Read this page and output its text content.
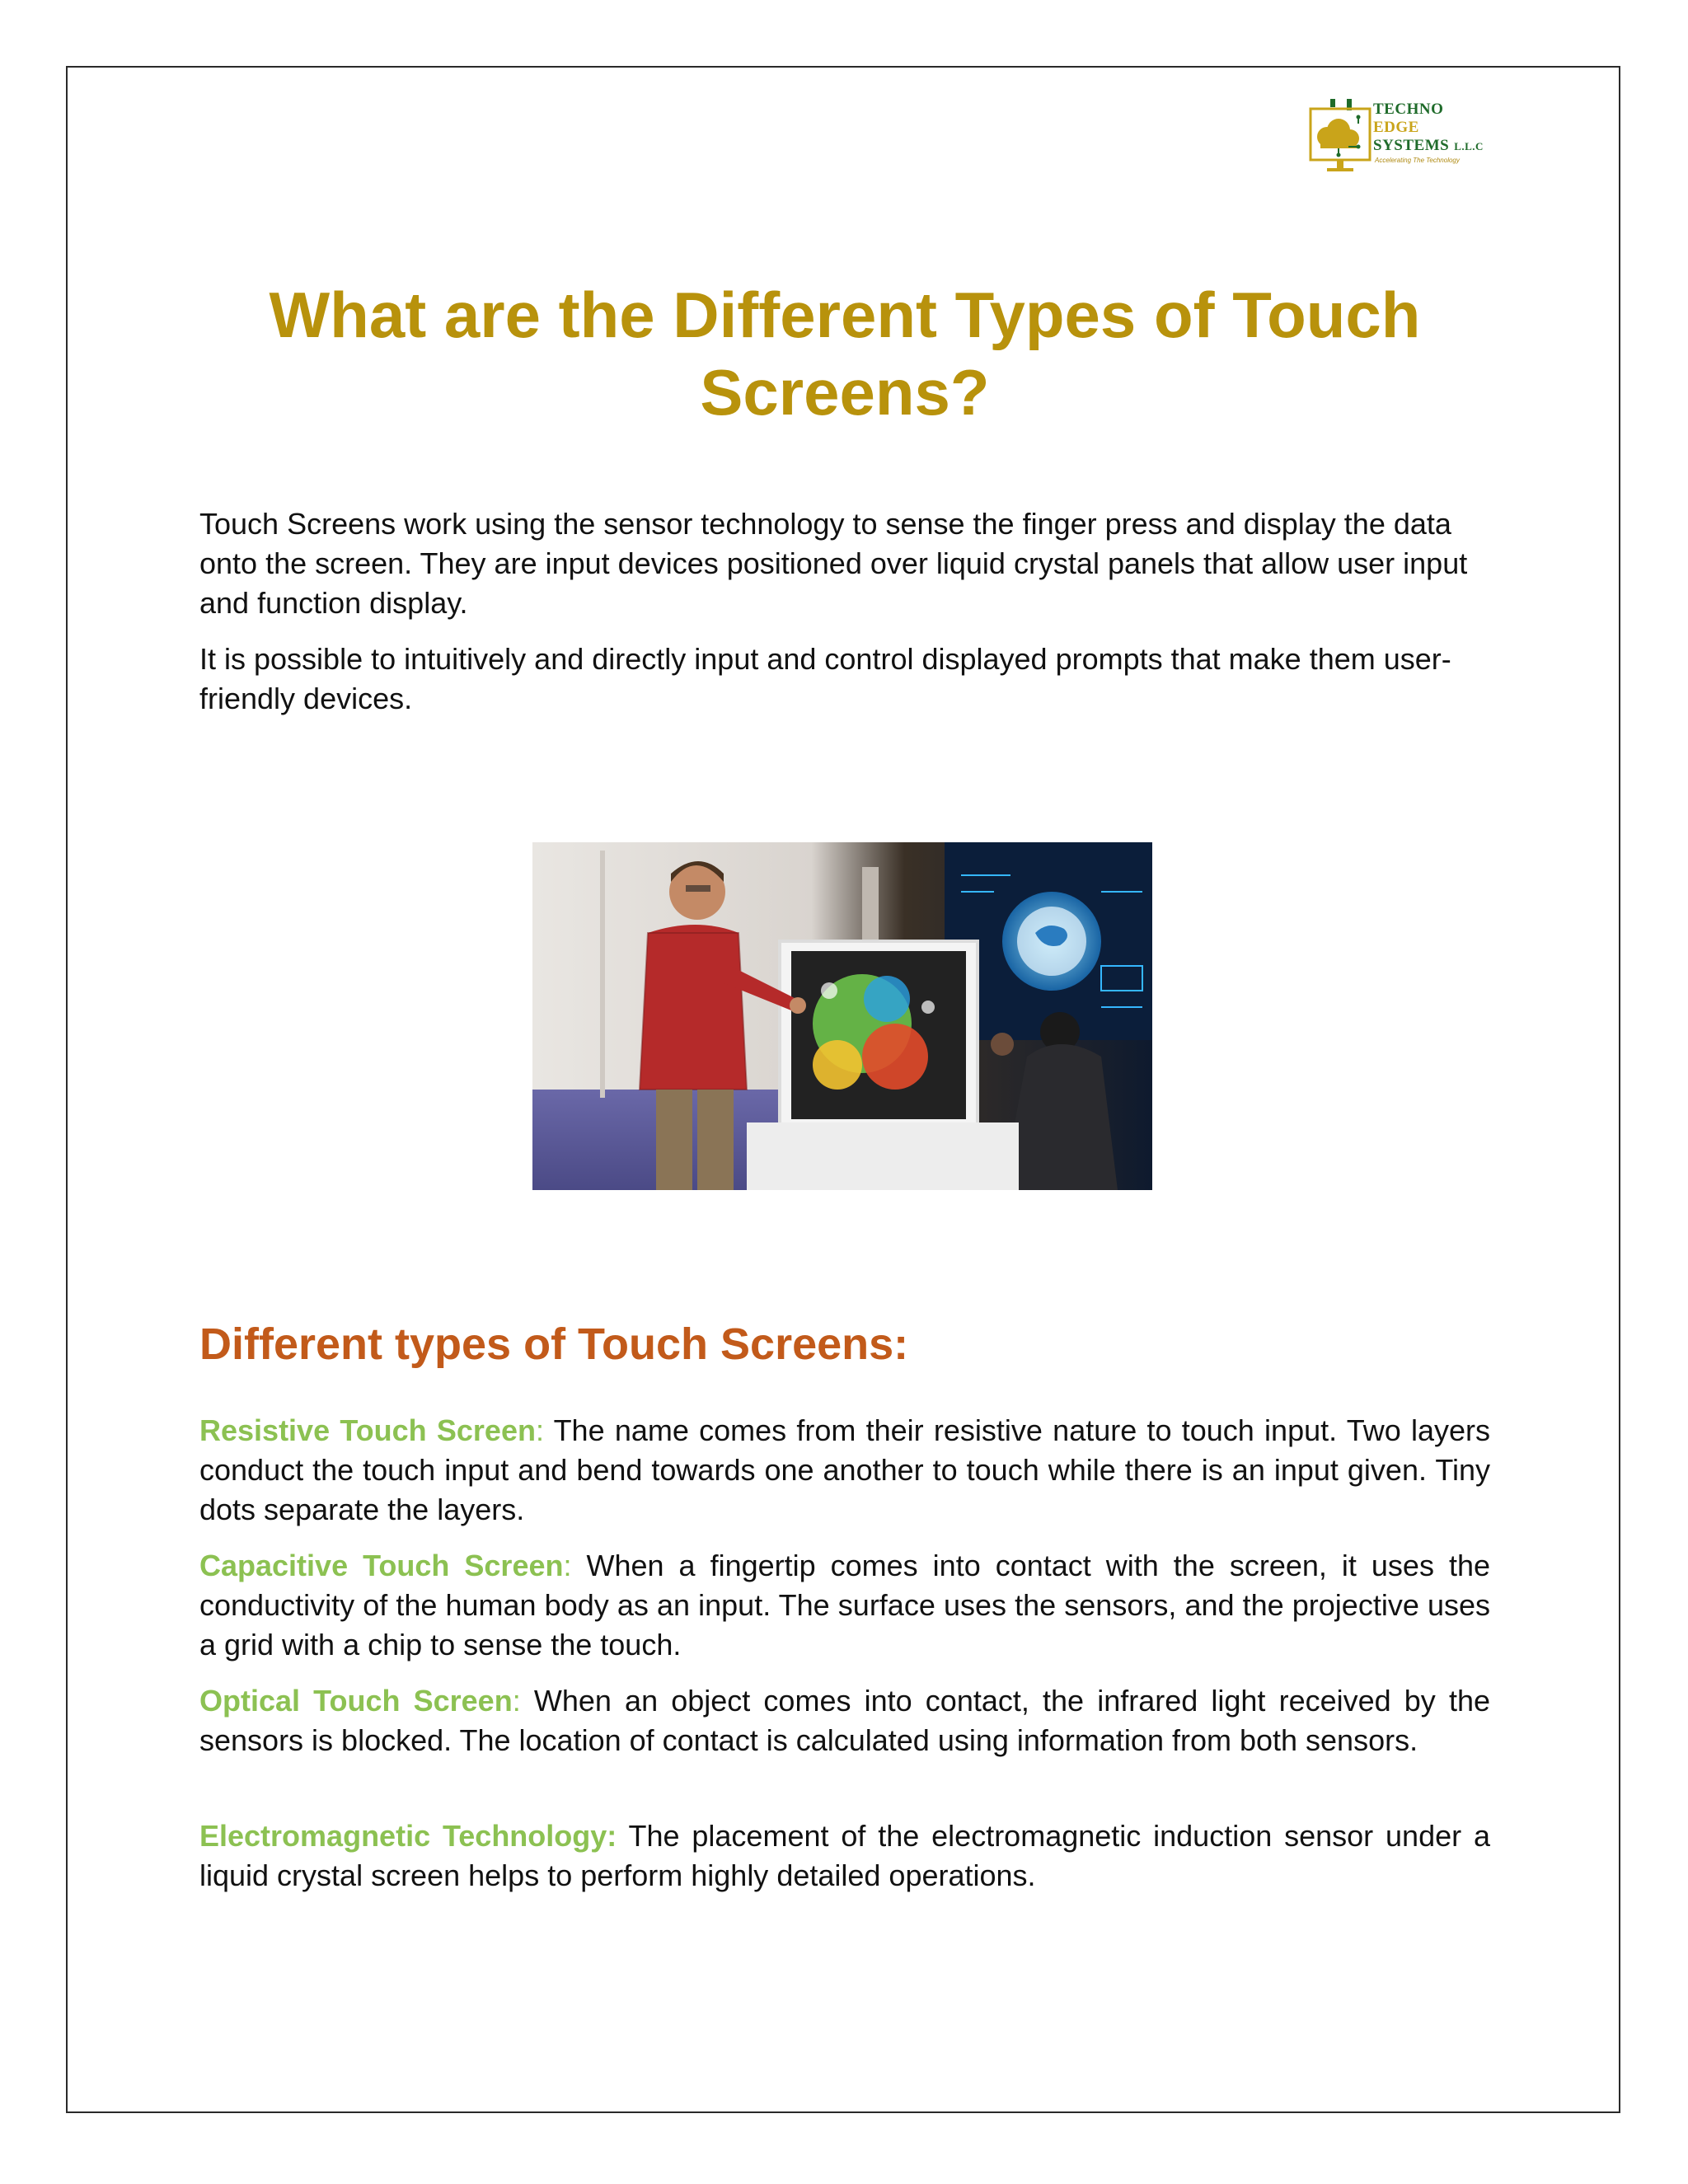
TECHNO
EDGE
SYSTEMS L.L.C
Accelerating The Technology
What are the Different Types of Touch Screens?

Touch Screens work using the sensor technology to sense the finger press and display the data onto the screen. They are input devices positioned over liquid crystal panels that allow user input and function display.

It is possible to intuitively and directly input and control displayed prompts that make them user-friendly devices.

Different types of Touch Screens:

Resistive Touch Screen: The name comes from their resistive nature to touch input. Two layers conduct the touch input and bend towards one another to touch while there is an input given. Tiny dots separate the layers.

Capacitive Touch Screen: When a fingertip comes into contact with the screen, it uses the conductivity of the human body as an input. The surface uses the sensors, and the projective uses a grid with a chip to sense the touch.

Optical Touch Screen: When an object comes into contact, the infrared light received by the sensors is blocked. The location of contact is calculated using information from both sensors.

Electromagnetic Technology: The placement of the electromagnetic induction sensor under a liquid crystal screen helps to perform highly detailed operations.
